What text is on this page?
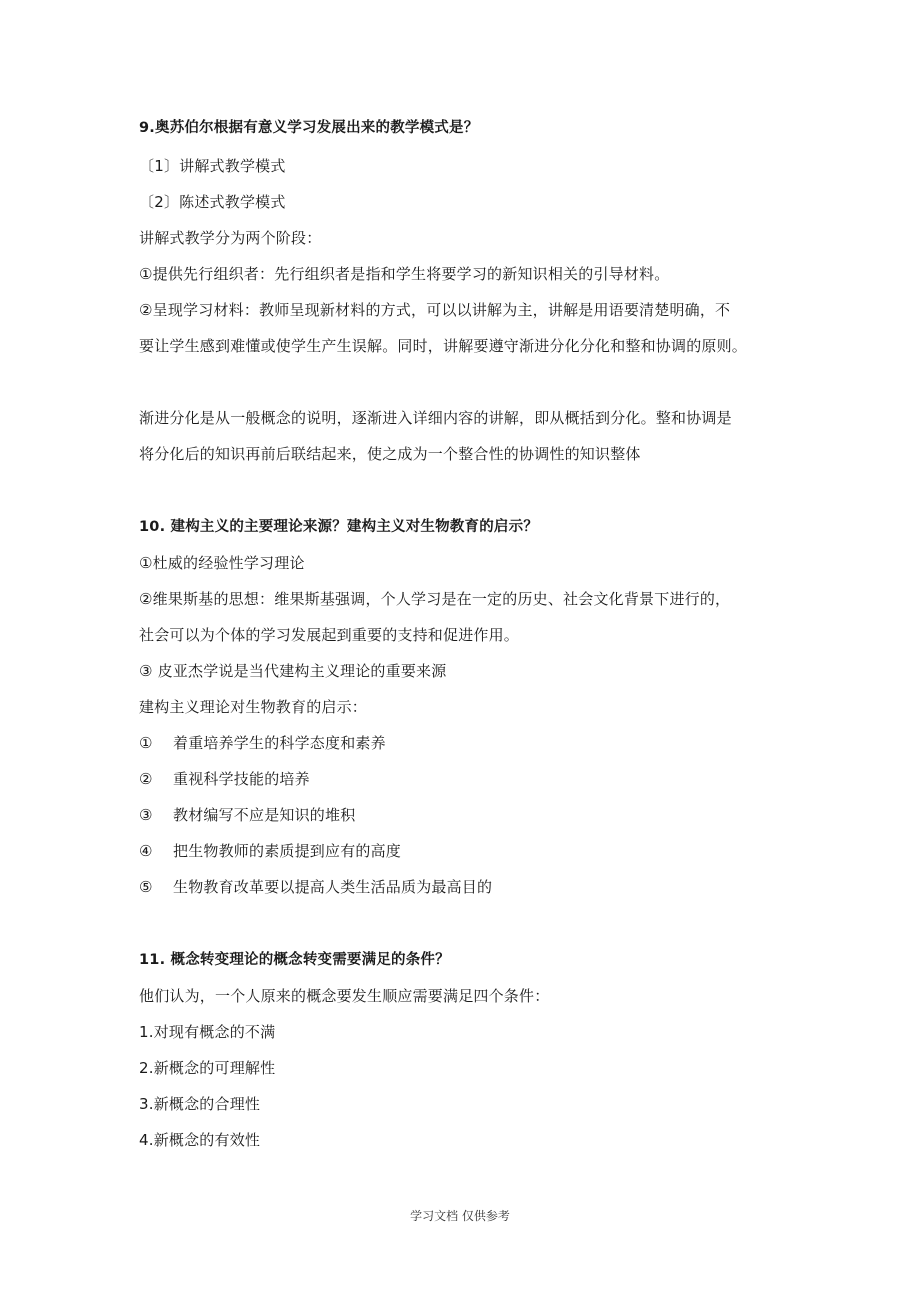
9.奥苏伯尔根据有意义学习发展出来的教学模式是？
〔1〕讲解式教学模式
〔2〕陈述式教学模式
讲解式教学分为两个阶段：
①提供先行组织者：先行组织者是指和学生将要学习的新知识相关的引导材料。
②呈现学习材料：教师呈现新材料的方式，可以以讲解为主，讲解是用语要清楚明确，不
要让学生感到难懂或使学生产生误解。同时，讲解要遵守渐进分化分化和整和协调的原则。
渐进分化是从一般概念的说明，逐渐进入详细内容的讲解，即从概括到分化。整和协调是
将分化后的知识再前后联结起来，使之成为一个整合性的协调性的知识整体
10. 建构主义的主要理论来源？建构主义对生物教育的启示？
①杜威的经验性学习理论
②维果斯基的思想：维果斯基强调，个人学习是在一定的历史、社会文化背景下进行的，
社会可以为个体的学习发展起到重要的支持和促进作用。
③ 皮亚杰学说是当代建构主义理论的重要来源
建构主义理论对生物教育的启示：
① 着重培养学生的科学态度和素养
② 重视科学技能的培养
③ 教材编写不应是知识的堆积
④ 把生物教师的素质提到应有的高度
⑤ 生物教育改革要以提高人类生活品质为最高目的
11. 概念转变理论的概念转变需要满足的条件？
他们认为，一个人原来的概念要发生顺应需要满足四个条件：
1.对现有概念的不满
2.新概念的可理解性
3.新概念的合理性
4.新概念的有效性
学习文档 仅供参考
